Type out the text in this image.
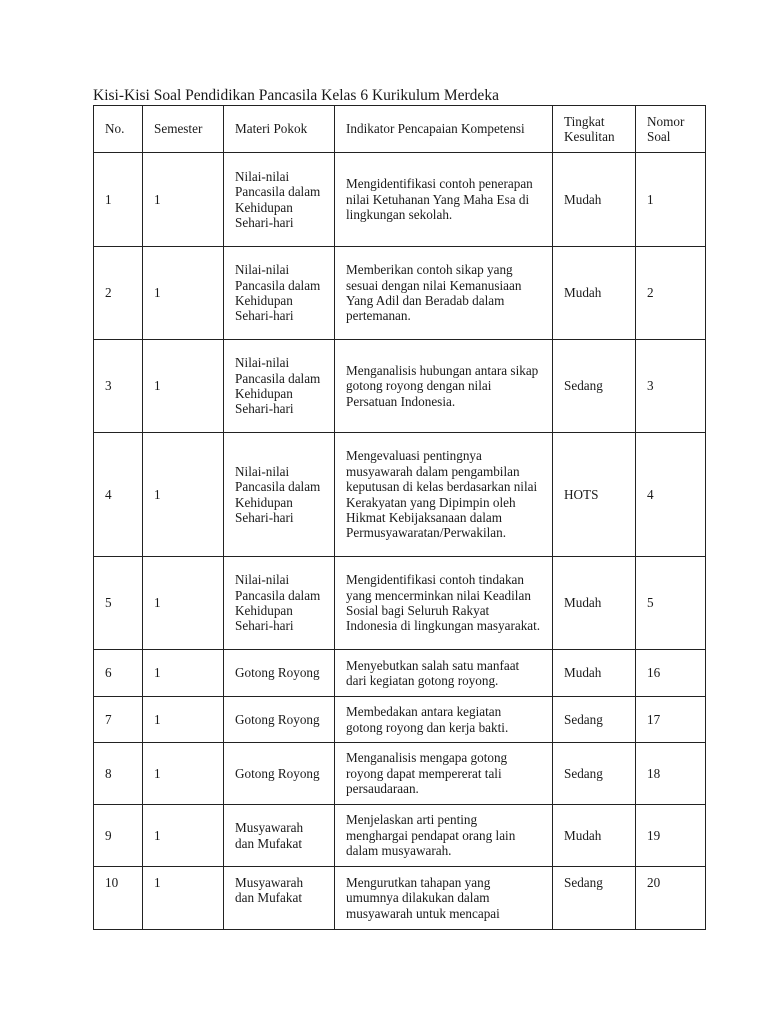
Kisi-Kisi Soal Pendidikan Pancasila Kelas 6 Kurikulum Merdeka
No.	Semester	Materi Pokok	Indikator Pencapaian Kompetensi	Tingkat Kesulitan	Nomor Soal
1	1	Nilai-nilai Pancasila dalam Kehidupan Sehari-hari	Mengidentifikasi contoh penerapan nilai Ketuhanan Yang Maha Esa di lingkungan sekolah.	Mudah	1
2	1	Nilai-nilai Pancasila dalam Kehidupan Sehari-hari	Memberikan contoh sikap yang sesuai dengan nilai Kemanusiaan Yang Adil dan Beradab dalam pertemanan.	Mudah	2
3	1	Nilai-nilai Pancasila dalam Kehidupan Sehari-hari	Menganalisis hubungan antara sikap gotong royong dengan nilai Persatuan Indonesia.	Sedang	3
4	1	Nilai-nilai Pancasila dalam Kehidupan Sehari-hari	Mengevaluasi pentingnya musyawarah dalam pengambilan keputusan di kelas berdasarkan nilai Kerakyatan yang Dipimpin oleh Hikmat Kebijaksanaan dalam Permusyawaratan/Perwakilan.	HOTS	4
5	1	Nilai-nilai Pancasila dalam Kehidupan Sehari-hari	Mengidentifikasi contoh tindakan yang mencerminkan nilai Keadilan Sosial bagi Seluruh Rakyat Indonesia di lingkungan masyarakat.	Mudah	5
6	1	Gotong Royong	Menyebutkan salah satu manfaat dari kegiatan gotong royong.	Mudah	16
7	1	Gotong Royong	Membedakan antara kegiatan gotong royong dan kerja bakti.	Sedang	17
8	1	Gotong Royong	Menganalisis mengapa gotong royong dapat mempererat tali persaudaraan.	Sedang	18
9	1	Musyawarah dan Mufakat	Menjelaskan arti penting menghargai pendapat orang lain dalam musyawarah.	Mudah	19
10	1	Musyawarah dan Mufakat	Mengurutkan tahapan yang umumnya dilakukan dalam musyawarah untuk mencapai	Sedang	20
